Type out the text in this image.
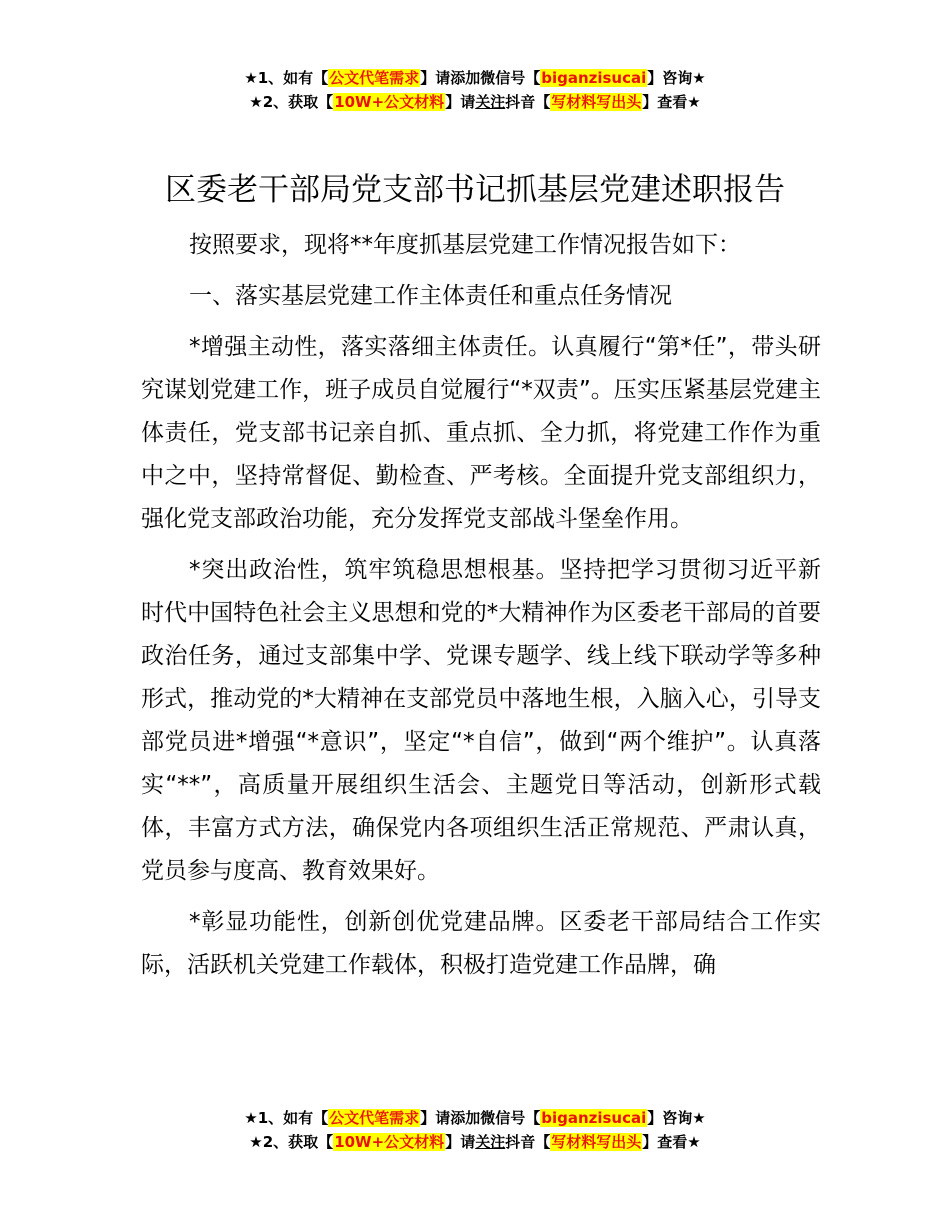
★1、如有【公文代笔需求】请添加微信号【biganzisucai】咨询★
★2、获取【10W+公文材料】请关注抖音【写材料写出头】查看★
区委老干部局党支部书记抓基层党建述职报告

按照要求，现将**年度抓基层党建工作情况报告如下：

一、落实基层党建工作主体责任和重点任务情况

*增强主动性，落实落细主体责任。认真履行“第*任”，带头研究谋划党建工作，班子成员自觉履行“*双责”。压实压紧基层党建主体责任，党支部书记亲自抓、重点抓、全力抓，将党建工作作为重中之中，坚持常督促、勤检查、严考核。全面提升党支部组织力，强化党支部政治功能，充分发挥党支部战斗堡垒作用。

*突出政治性，筑牢筑稳思想根基。坚持把学习贯彻习近平新时代中国特色社会主义思想和党的*大精神作为区委老干部局的首要政治任务，通过支部集中学、党课专题学、线上线下联动学等多种形式，推动党的*大精神在支部党员中落地生根，入脑入心，引导支部党员进*增强“*意识”，坚定“*自信”，做到“两个维护”。认真落实“**”，高质量开展组织生活会、主题党日等活动，创新形式载体，丰富方式方法，确保党内各项组织生活正常规范、严肃认真，党员参与度高、教育效果好。

*彰显功能性，创新创优党建品牌。区委老干部局结合工作实际，活跃机关党建工作载体，积极打造党建工作品牌，确

★1、如有【公文代笔需求】请添加微信号【biganzisucai】咨询★
★2、获取【10W+公文材料】请关注抖音【写材料写出头】查看★
